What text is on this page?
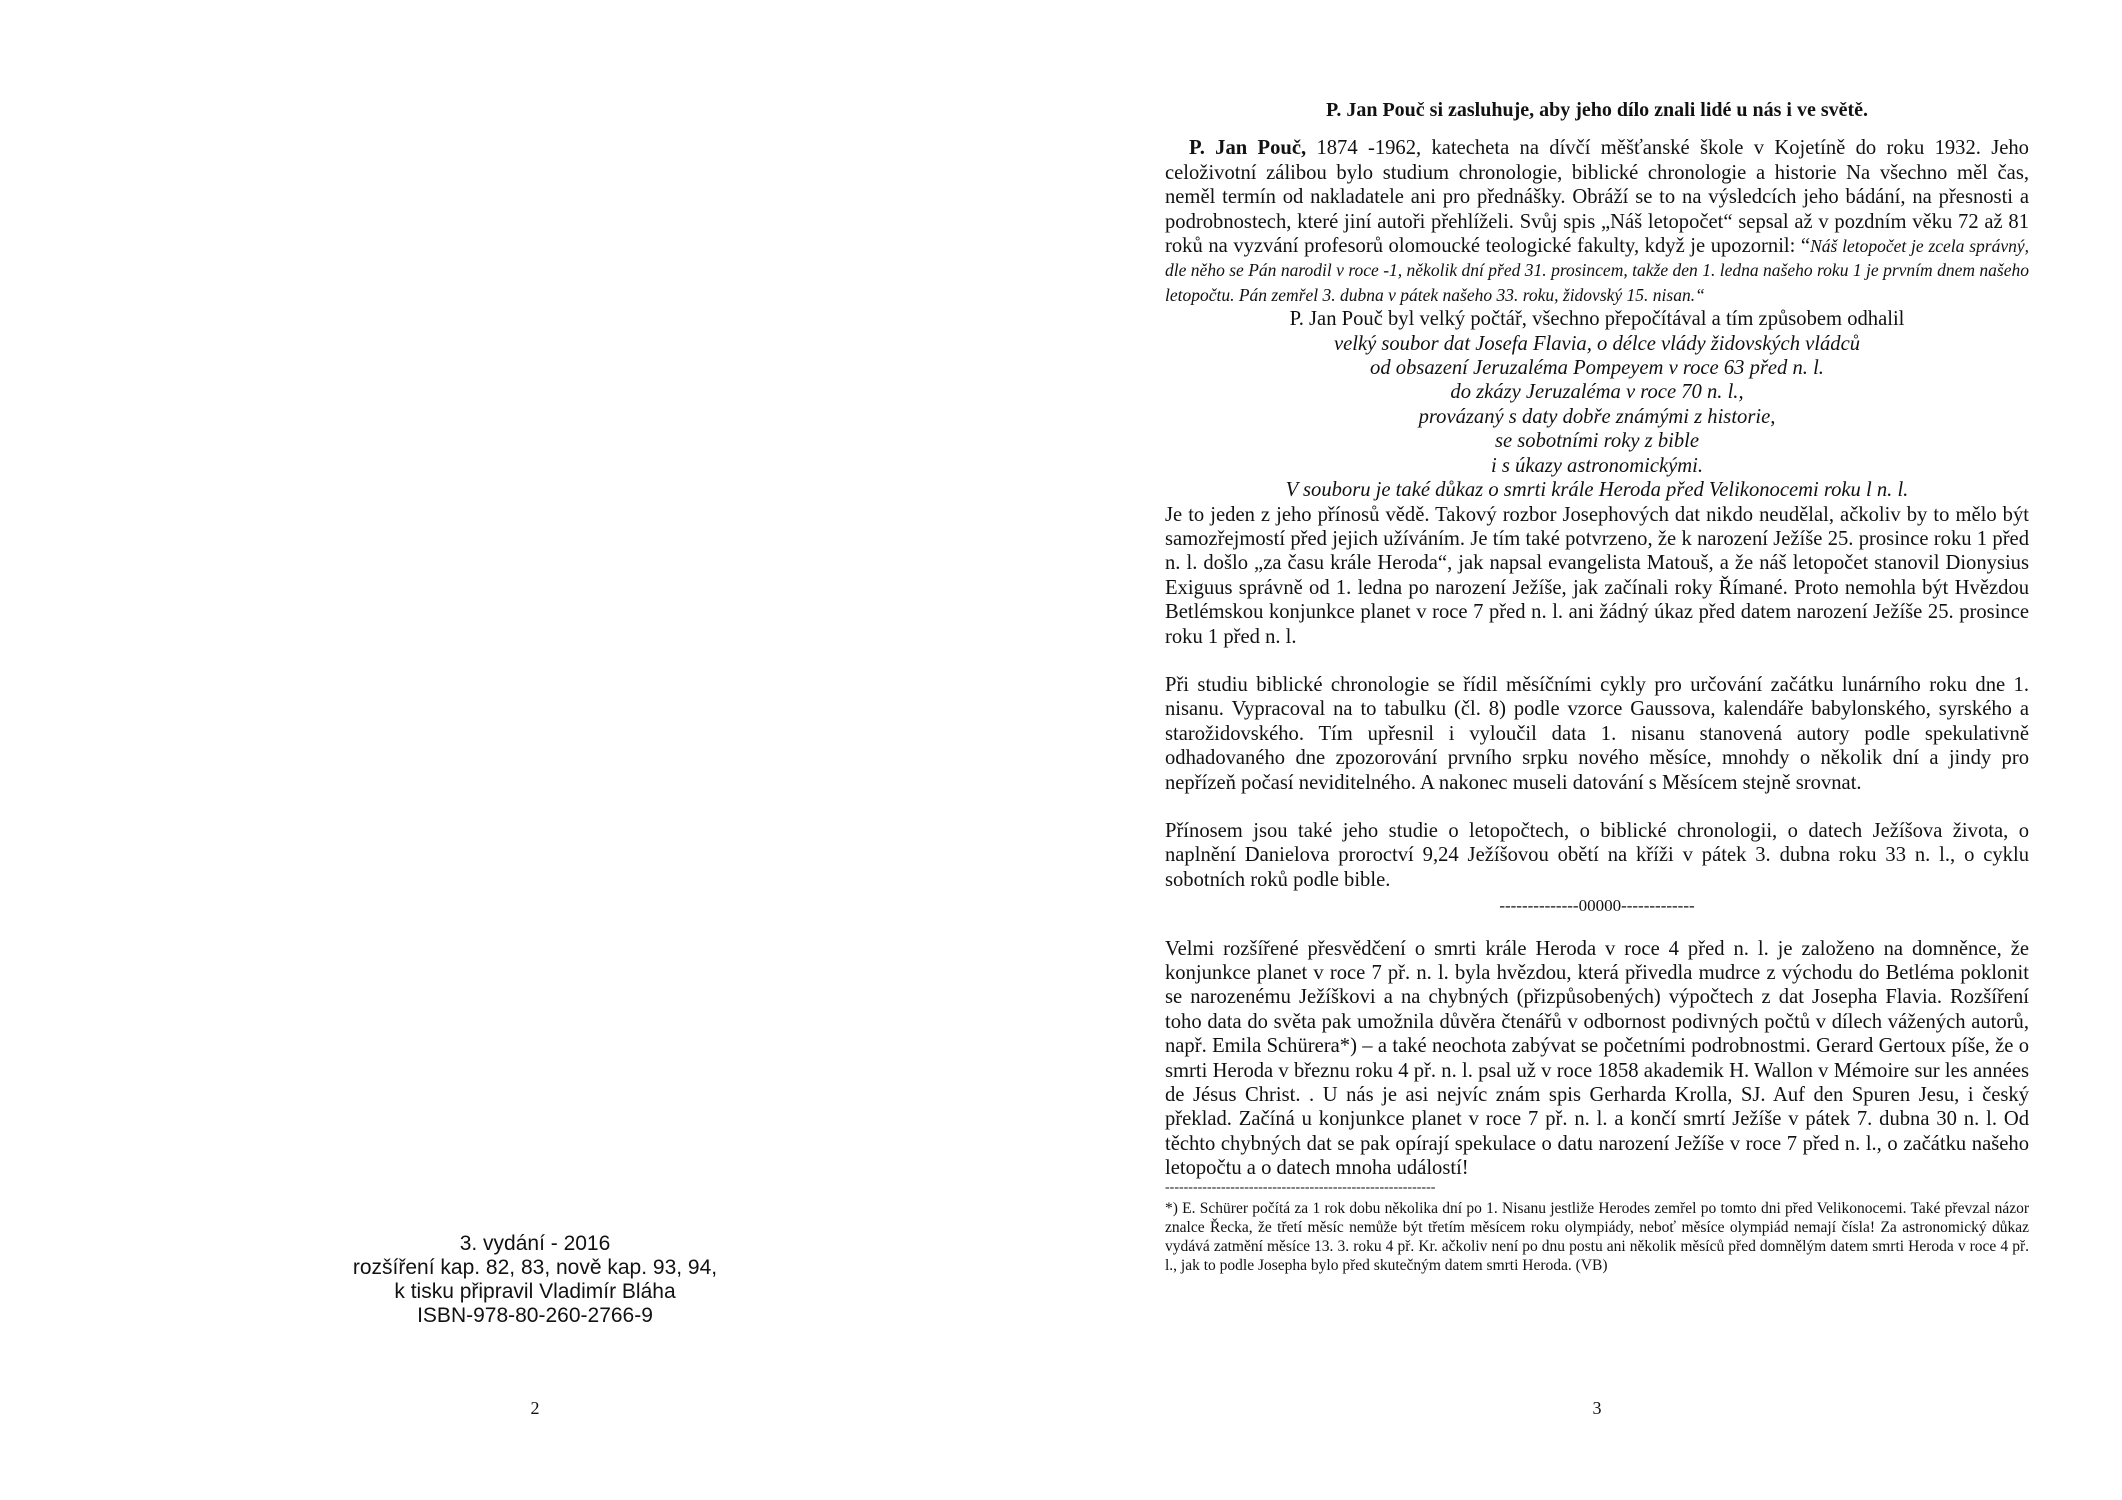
3. vydání - 2016
rozšíření kap. 82, 83, nově kap. 93, 94,
k tisku připravil Vladimír Bláha
ISBN-978-80-260-2766-9
2
P. Jan Pouč si zasluhuje, aby jeho dílo znali lidé u nás i ve světě.

P. Jan Pouč, 1874 -1962, katecheta na dívčí měšťanské škole v Kojetíně do roku 1932. Jeho celoživotní zálibou bylo studium chronologie, biblické chronologie a historie Na všechno měl čas, neměl termín od nakladatele ani pro přednášky. Obráží se to na výsledcích jeho bádání, na přesnosti a podrobnostech, které jiní autoři přehlíželi. Svůj spis „Náš letopočet“ sepsal až v pozdním věku 72 až 81 roků na vyzvání profesorů olomoucké teologické fakulty, když je upozornil: “Náš letopočet je zcela správný, dle něho se Pán narodil v roce -1, několik dní před 31. prosincem, takže den 1. ledna našeho roku 1 je prvním dnem našeho letopočtu. Pán zemřel 3. dubna v pátek našeho 33. roku, židovský 15. nisan.“

P. Jan Pouč byl velký počtář, všechno přepočítával a tím způsobem odhalil
velký soubor dat Josefa Flavia, o délce vlády židovských vládců
od obsazení Jeruzaléma Pompeyem v roce 63 před n. l.
do zkázy Jeruzaléma v roce 70 n. l.,
provázaný s daty dobře známými z historie,
se sobotními roky z bible
i s úkazy astronomickými.
V souboru je také důkaz o smrti krále Heroda před Velikonocemi roku l n. l.

Je to jeden z jeho přínosů vědě. Takový rozbor Josephových dat nikdo neudělal, ačkoliv by to mělo být samozřejmostí před jejich užíváním. Je tím také potvrzeno, že k narození Ježíše 25. prosince roku 1 před n. l. došlo „za času krále Heroda“, jak napsal evangelista Matouš, a že náš letopočet stanovil Dionysius Exiguus správně od 1. ledna po narození Ježíše, jak začínali roky Římané. Proto nemohla být Hvězdou Betlémskou konjunkce planet v roce 7 před n. l. ani žádný úkaz před datem narození Ježíše 25. prosince roku 1 před n. l.

Při studiu biblické chronologie se řídil měsíčními cykly pro určování začátku lunárního roku dne 1. nisanu. Vypracoval na to tabulku (čl. 8) podle vzorce Gaussova, kalendáře babylonského, syrského a starožidovského. Tím upřesnil i vyloučil data 1. nisanu stanovená autory podle spekulativně odhadovaného dne zpozorování prvního srpku nového měsíce, mnohdy o několik dní a jindy pro nepřízeň počasí neviditelného. A nakonec museli datování s Měsícem stejně srovnat.

Přínosem jsou také jeho studie o letopočtech, o biblické chronologii, o datech Ježíšova života, o naplnění Danielova proroctví 9,24 Ježíšovou obětí na kříži v pátek 3. dubna roku 33 n. l., o cyklu sobotních roků podle bible.

--------------00000-------------

Velmi rozšířené přesvědčení o smrti krále Heroda v roce 4 před n. l. je založeno na domněnce, že konjunkce planet v roce 7 př. n. l. byla hvězdou, která přivedla mudrce z východu do Betléma poklonit se narozenému Ježíškovi a na chybných (přizpůsobených) výpočtech z dat Josepha Flavia. Rozšíření toho data do světa pak umožnila důvěra čtenářů v odbornost podivných počtů v dílech vážených autorů, např. Emila Schürera*) – a také neochota zabývat se početními podrobnostmi. Gerard Gertoux píše, že o smrti Heroda v březnu roku 4 př. n. l. psal už v roce 1858 akademik H. Wallon v Mémoire sur les années de Jésus Christ. . U nás je asi nejvíc znám spis Gerharda Krolla, SJ. Auf den Spuren Jesu, i český překlad. Začíná u konjunkce planet v roce 7 př. n. l. a končí smrtí Ježíše v pátek 7. dubna 30 n. l. Od těchto chybných dat se pak opírají spekulace o datu narození Ježíše v roce 7 před n. l., o začátku našeho letopočtu a o datech mnoha událostí!

----------------------------------------------------------

*) E. Schürer počítá za 1 rok dobu několika dní po 1. Nisanu jestliže Herodes zemřel po tomto dni před Velikonocemi. Také převzal názor znalce Řecka, že třetí měsíc nemůže být třetím měsícem roku olympiády, neboť měsíce olympiád nemají čísla! Za astronomický důkaz vydává zatmění měsíce 13. 3. roku 4 př. Kr. ačkoliv není po dnu postu ani několik měsíců před domnělým datem smrti Heroda v roce 4 př. l., jak to podle Josepha bylo před skutečným datem smrti Heroda. (VB)

3
